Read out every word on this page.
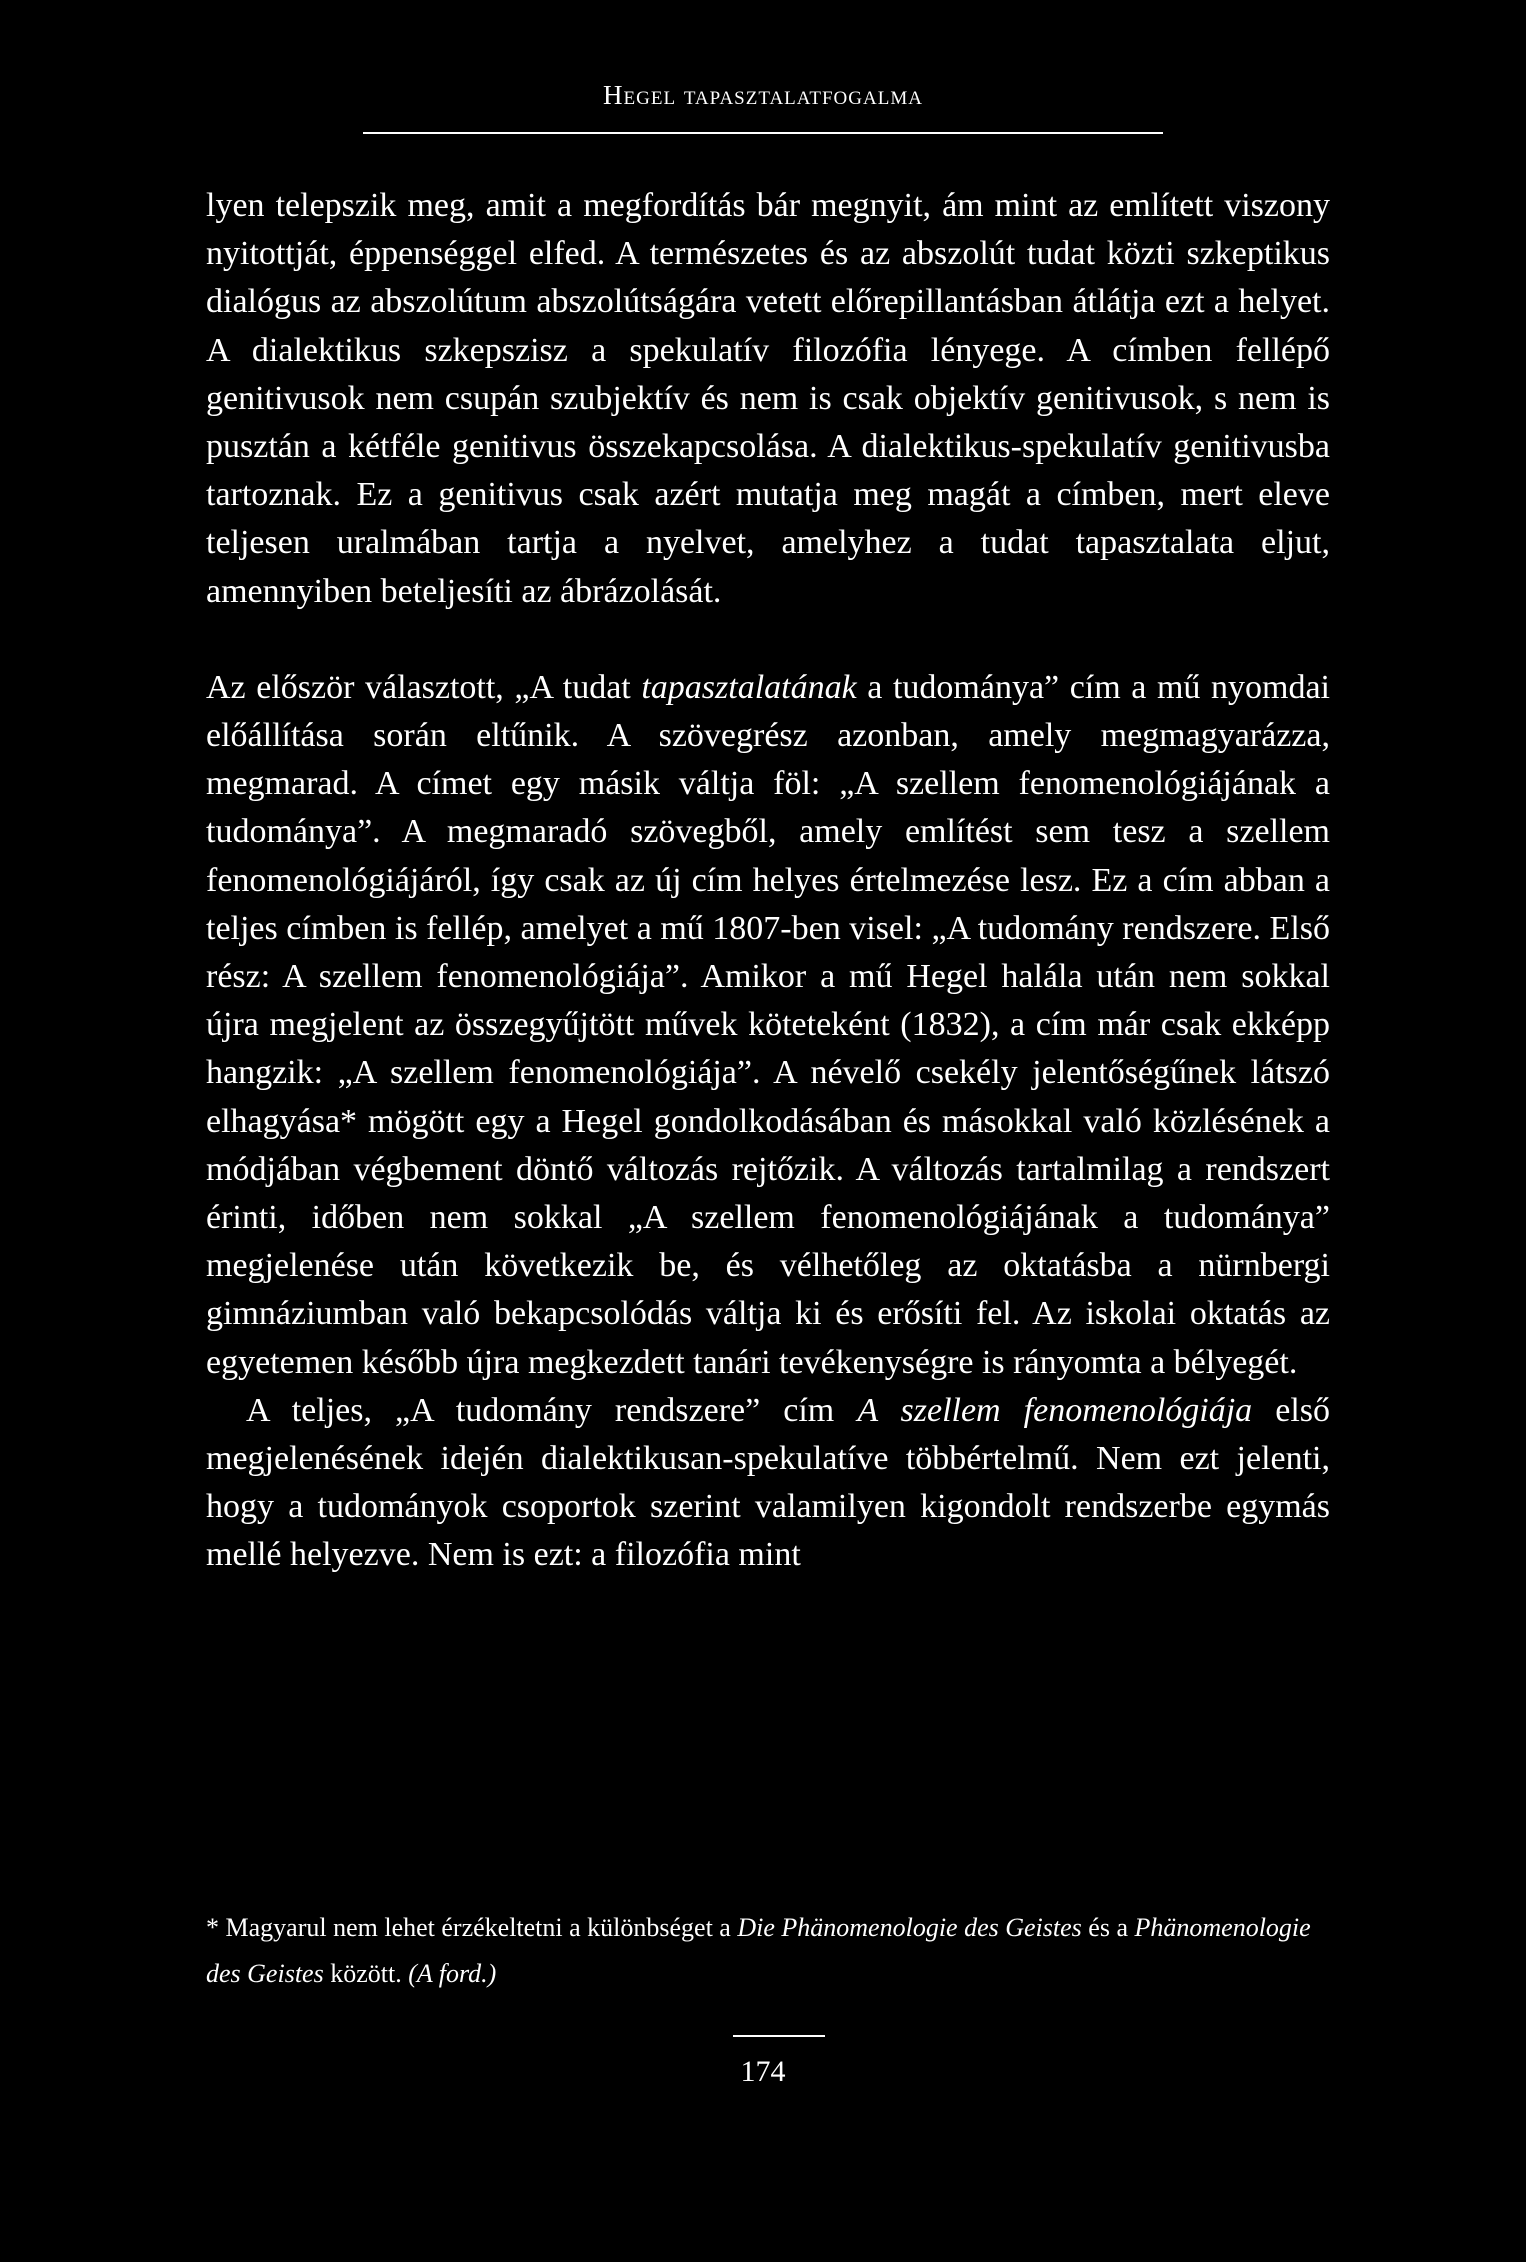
Hegel tapasztalatfogalma

lyen telepszik meg, amit a megfordítás bár megnyit, ám mint az említett viszony nyitottját, éppenséggel elfed. A természetes és az abszolút tudat közti szkeptikus dialógus az abszolútum abszolútságára vetett előrepillantásban átlátja ezt a helyet. A dialektikus szkepszisz a spekulatív filozófia lényege. A címben fellépő genitivusok nem csupán szubjektív és nem is csak objektív genitivusok, s nem is pusztán a kétféle genitivus összekapcsolása. A dialektikus-spekulatív genitivusba tartoznak. Ez a genitivus csak azért mutatja meg magát a címben, mert eleve teljesen uralmában tartja a nyelvet, amelyhez a tudat tapasztalata eljut, amennyiben beteljesíti az ábrázolását.

Az először választott, „A tudat tapasztalatának a tudománya” cím a mű nyomdai előállítása során eltűnik. A szövegrész azonban, amely megmagyarázza, megmarad. A címet egy másik váltja föl: „A szellem fenomenológiájának a tudománya”. A megmaradó szövegből, amely említést sem tesz a szellem fenomenológiájáról, így csak az új cím helyes értelmezése lesz. Ez a cím abban a teljes címben is fellép, amelyet a mű 1807-ben visel: „A tudomány rendszere. Első rész: A szellem fenomenológiája”. Amikor a mű Hegel halála után nem sokkal újra megjelent az összegyűjtött művek köteteként (1832), a cím már csak ekképp hangzik: „A szellem fenomenológiája”. A névelő csekély jelentőségűnek látszó elhagyása* mögött egy a Hegel gondolkodásában és másokkal való közlésének a módjában végbement döntő változás rejtőzik. A változás tartalmilag a rendszert érinti, időben nem sokkal „A szellem fenomenológiájának a tudománya” megjelenése után következik be, és vélhetőleg az oktatásba a nürnbergi gimnáziumban való bekapcsolódás váltja ki és erősíti fel. Az iskolai oktatás az egyetemen később újra megkezdett tanári tevékenységre is rányomta a bélyegét.

A teljes, „A tudomány rendszere” cím A szellem fenomenológiája első megjelenésének idején dialektikusan-spekulatíve többértelmű. Nem ezt jelenti, hogy a tudományok csoportok szerint valamilyen kigondolt rendszerbe egymás mellé helyezve. Nem is ezt: a filozófia mint

* Magyarul nem lehet érzékeltetni a különbséget a Die Phänomenologie des Geistes és a Phänomenologie des Geistes között. (A ford.)

174
